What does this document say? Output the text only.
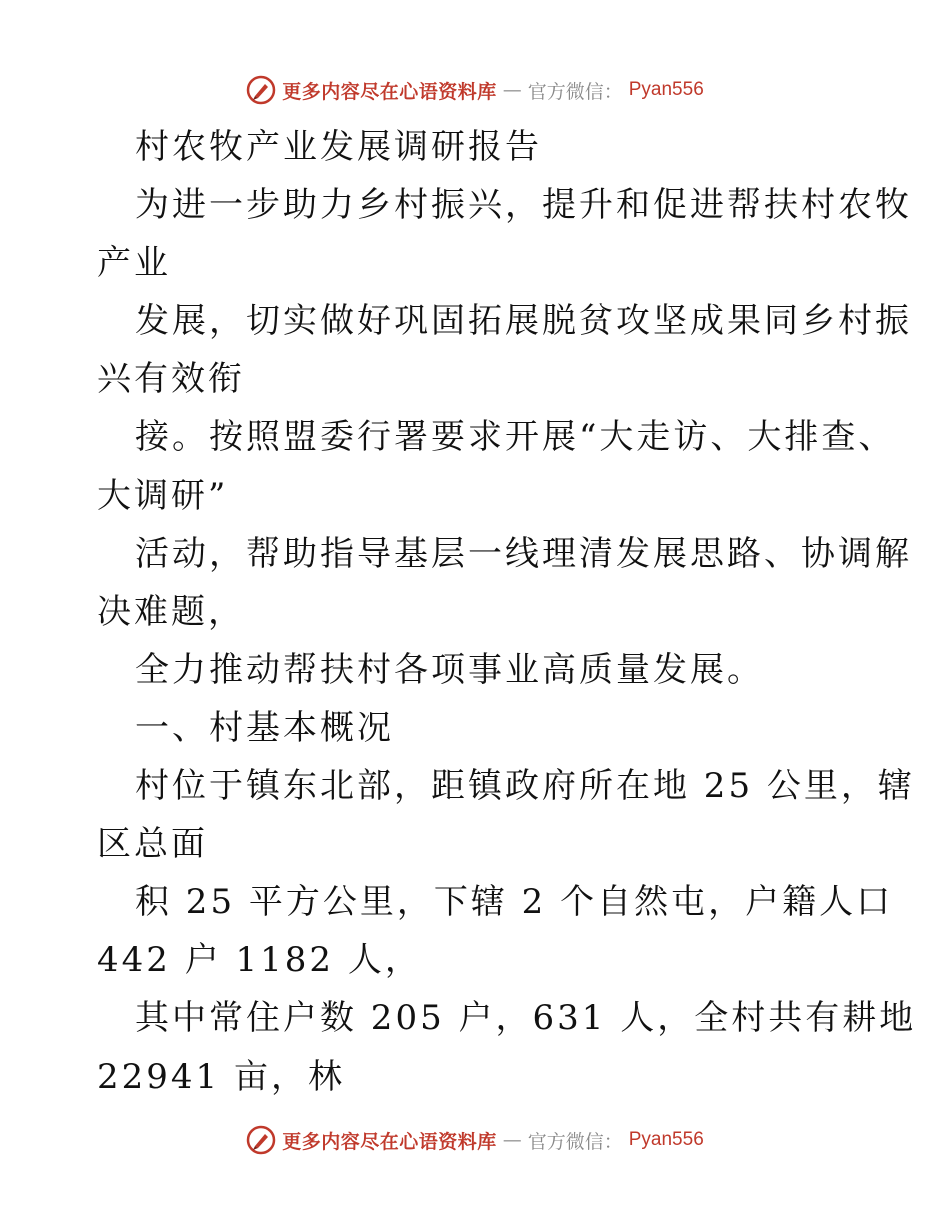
更多内容尽在心语资料库 — 官方微信： Pyan556
村农牧产业发展调研报告
为进一步助力乡村振兴，提升和促进帮扶村农牧
产业
发展，切实做好巩固拓展脱贫攻坚成果同乡村振
兴有效衔
接。按照盟委行署要求开展“大走访、大排查、
大调研”
活动，帮助指导基层一线理清发展思路、协调解
决难题，
全力推动帮扶村各项事业高质量发展。
一、村基本概况
村位于镇东北部，距镇政府所在地 25 公里，辖
区总面
积 25 平方公里，下辖 2 个自然屯，户籍人口
442 户 1182 人，
其中常住户数 205 户，631 人，全村共有耕地
22941 亩，林
更多内容尽在心语资料库 — 官方微信： Pyan556
